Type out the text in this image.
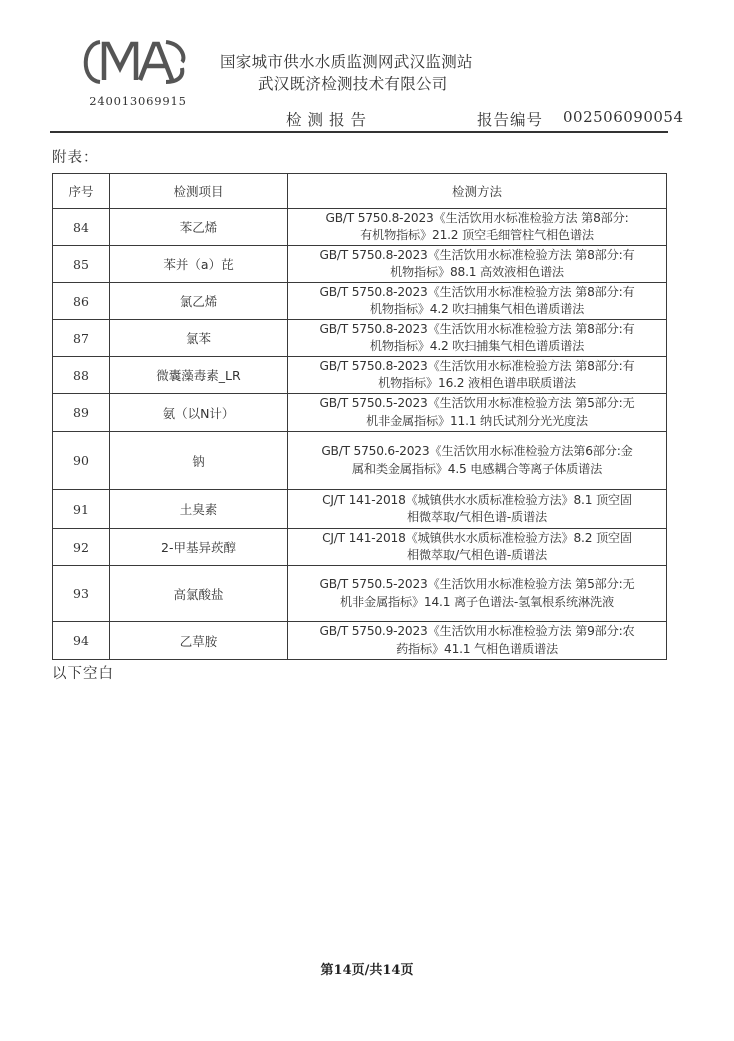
240013069915
国家城市供水水质监测网武汉监测站
武汉既济检测技术有限公司
检测报告	报告编号 002506090054
附表：
序号	检测项目	检测方法
84	苯乙烯	GB/T 5750.8-2023《生活饮用水标准检验方法 第8部分:
有机物指标》21.2 顶空毛细管柱气相色谱法
85	苯并（a）芘	GB/T 5750.8-2023《生活饮用水标准检验方法 第8部分:有
机物指标》88.1 高效液相色谱法
86	氯乙烯	GB/T 5750.8-2023《生活饮用水标准检验方法 第8部分:有
机物指标》4.2 吹扫捕集气相色谱质谱法
87	氯苯	GB/T 5750.8-2023《生活饮用水标准检验方法 第8部分:有
机物指标》4.2 吹扫捕集气相色谱质谱法
88	微囊藻毒素_LR	GB/T 5750.8-2023《生活饮用水标准检验方法 第8部分:有
机物指标》16.2 液相色谱串联质谱法
89	氨（以N计）	GB/T 5750.5-2023《生活饮用水标准检验方法 第5部分:无
机非金属指标》11.1 纳氏试剂分光光度法
90	钠	GB/T 5750.6-2023《生活饮用水标准检验方法第6部分:金
属和类金属指标》4.5 电感耦合等离子体质谱法
91	土臭素	CJ/T 141-2018《城镇供水水质标准检验方法》8.1 顶空固
相微萃取/气相色谱-质谱法
92	2-甲基异莰醇	CJ/T 141-2018《城镇供水水质标准检验方法》8.2 顶空固
相微萃取/气相色谱-质谱法
93	高氯酸盐	GB/T 5750.5-2023《生活饮用水标准检验方法 第5部分:无
机非金属指标》14.1 离子色谱法-氢氧根系统淋洗液
94	乙草胺	GB/T 5750.9-2023《生活饮用水标准检验方法 第9部分:农
药指标》41.1 气相色谱质谱法
以下空白
第14页/共14页
